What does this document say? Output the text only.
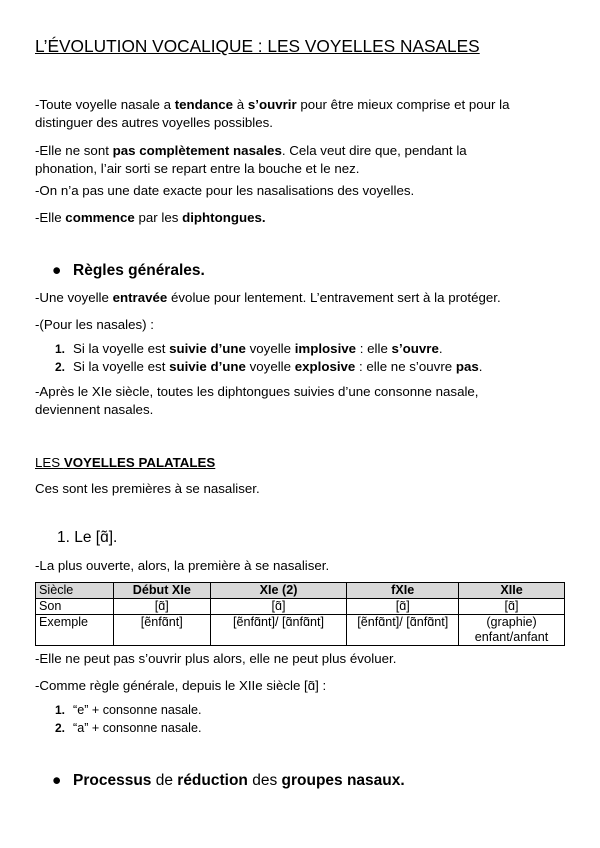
L’ÉVOLUTION VOCALIQUE : LES VOYELLES NASALES
-Toute voyelle nasale a tendance à s’ouvrir pour être mieux comprise et pour la
distinguer des autres voyelles possibles.
-Elle ne sont pas complètement nasales. Cela veut dire que, pendant la
phonation, l’air sorti se repart entre la bouche et le nez.
-On n’a pas une date exacte pour les nasalisations des voyelles.
-Elle commence par les diphtongues.
● Règles générales.
-Une voyelle entravée évolue pour lentement. L’entravement sert à la protéger.
-(Pour les nasales) :
1. Si la voyelle est suivie d’une voyelle implosive : elle s’ouvre.
2. Si la voyelle est suivie d’une voyelle explosive : elle ne s’ouvre pas.
-Après le XIe siècle, toutes les diphtongues suivies d’une consonne nasale,
deviennent nasales.
LES VOYELLES PALATALES
Ces sont les premières à se nasaliser.
1. Le [ɑ̃].
-La plus ouverte, alors, la première à se nasaliser.
Siècle	Début XIe	XIe (2)	fXIe	XIIe
Son	[ɑ̃]	[ɑ̃]	[ɑ̃]	[ɑ̃]
Exemple	[ẽnfɑ̃nt]	[ẽnfɑ̃nt]/ [ɑ̃nfɑ̃nt]	[ẽnfɑ̃nt]/ [ɑ̃nfɑ̃nt]	(graphie)
enfant/anfant
-Elle ne peut pas s’ouvrir plus alors, elle ne peut plus évoluer.
-Comme règle générale, depuis le XIIe siècle [ɑ̃] :
1. “e” + consonne nasale.
2. “a” + consonne nasale.
● Processus de réduction des groupes nasaux.
